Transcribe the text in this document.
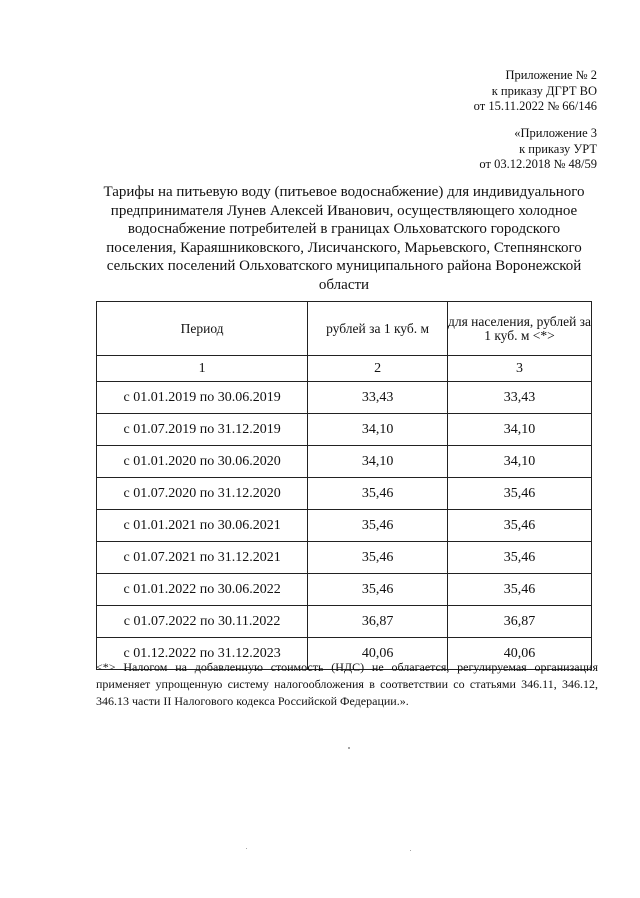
Приложение № 2
к приказу ДГРТ ВО
от 15.11.2022 № 66/146
«Приложение 3
к приказу УРТ
от 03.12.2018 № 48/59
Тарифы на питьевую воду (питьевое водоснабжение) для индивидуального предпринимателя Лунев Алексей Иванович, осуществляющего холодное водоснабжение потребителей в границах Ольховатского городского поселения, Караяшниковского, Лисичанского, Марьевского, Степнянского сельских поселений Ольховатского муниципального района Воронежской области
Период	рублей за 1 куб. м	для населения, рублей за 1 куб. м <*>
1	2	3
с 01.01.2019 по 30.06.2019	33,43	33,43
с 01.07.2019 по 31.12.2019	34,10	34,10
с 01.01.2020 по 30.06.2020	34,10	34,10
с 01.07.2020 по 31.12.2020	35,46	35,46
с 01.01.2021 по 30.06.2021	35,46	35,46
с 01.07.2021 по 31.12.2021	35,46	35,46
с 01.01.2022 по 30.06.2022	35,46	35,46
с 01.07.2022 по 30.11.2022	36,87	36,87
с 01.12.2022 по 31.12.2023	40,06	40,06
<*> Налогом на добавленную стоимость (НДС) не облагается, регулируемая организация применяет упрощенную систему налогообложения в соответствии со статьями 346.11, 346.12, 346.13 части II Налогового кодекса Российской Федерации.».
